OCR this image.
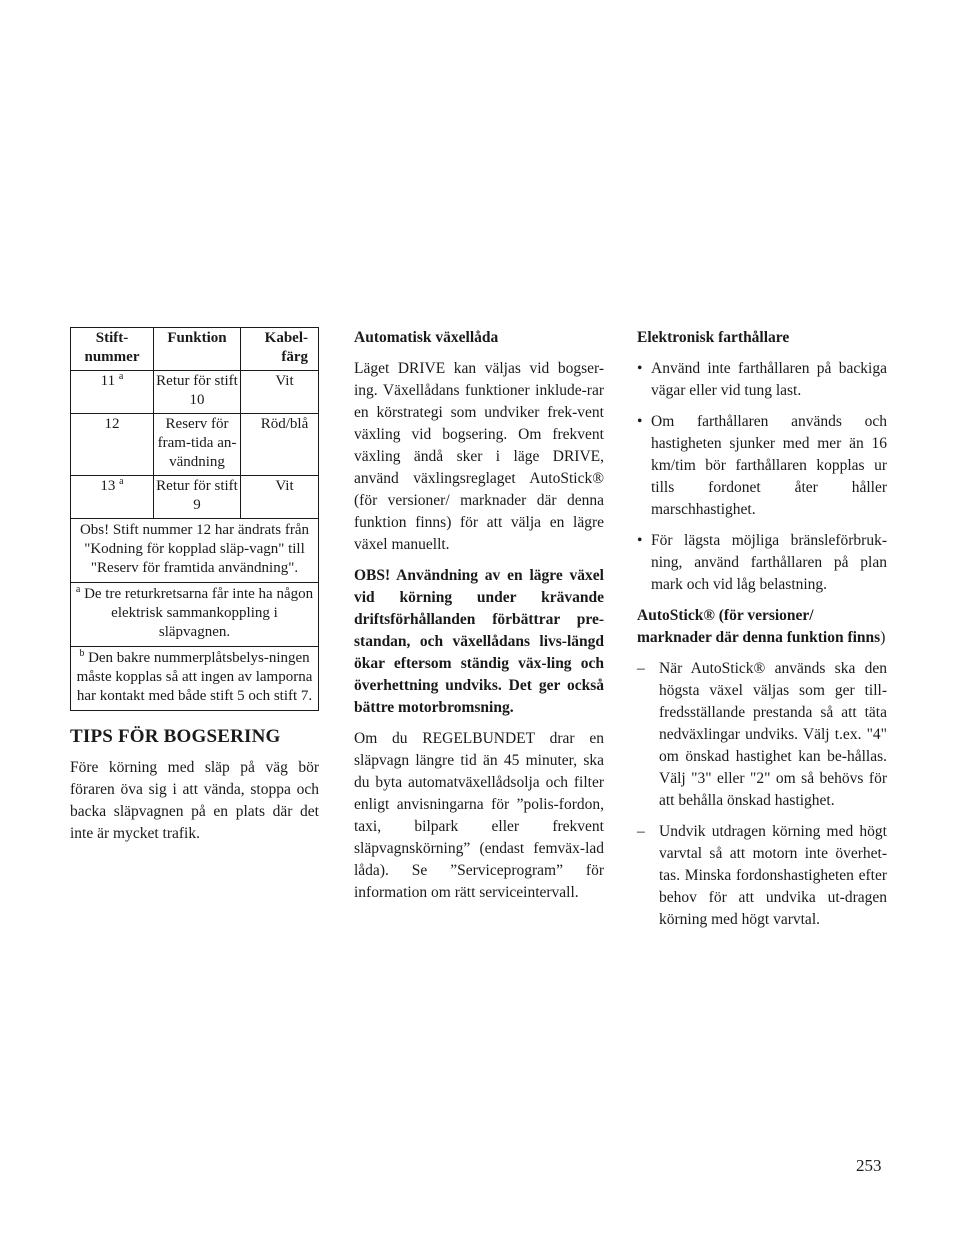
Stift-nummer	Funktion	Kabel-färg
11 $^a$	Retur för stift 10	Vit
12	Reserv för fram-tida an-vändning	Röd/blå
13 $^a$	Retur för stift 9	Vit
Obs! Stift nummer 12 har ändrats från "Kodning för kopplad släp-vagn" till "Reserv för framtida användning".		
$^a$ De tre returkretsarna får inte ha någon elektrisk sammankoppling i släpvagnen.		
$^b$ Den bakre nummerplåtsbelys-ningen måste kopplas så att ingen av lamporna har kontakt med både stift 5 och stift 7.		
TIPS FÖR BOGSERING

Före körning med släp på väg bör föraren öva sig i att vända, stoppa och backa släpvagnen på en plats där det inte är mycket trafik.

Automatisk växellåda

Läget DRIVE kan väljas vid bogser-ing. Växellådans funktioner inklude-rar en körstrategi som undviker frek-vent växling vid bogsering. Om frekvent växling ändå sker i läge DRIVE, använd växlingsreglaget AutoStick® (för versioner/ marknader där denna funktion finns) för att välja en lägre växel manuellt.

OBS! Användning av en lägre växel vid körning under krävande driftsförhållanden förbättrar pre-standan, och växellådans livs-längd ökar eftersom ständig väx-ling och överhettning undviks. Det ger också bättre motorbromsning.

Om du REGELBUNDET drar en släpvagn längre tid än 45 minuter, ska du byta automatväxellådsolja och filter enligt anvisningarna för ”polis-fordon, taxi, bilpark eller frekvent släpvagnskörning” (endast femväx-lad låda). Se ”Serviceprogram” för information om rätt serviceintervall.

Elektronisk farthållare
• Använd inte farthållaren på backiga vägar eller vid tung last.
• Om farthållaren används och hastigheten sjunker med mer än 16 km/tim bör farthållaren kopplas ur tills fordonet åter håller marschhastighet.
• För lägsta möjliga bränsleförbruk-ning, använd farthållaren på plan mark och vid låg belastning.
AutoStick® (för versioner/ marknader där denna funktion finns)
– När AutoStick® används ska den högsta växel väljas som ger till-fredsställande prestanda så att täta nedväxlingar undviks. Välj t.ex. "4" om önskad hastighet kan be-hållas. Välj "3" eller "2" om så behövs för att behålla önskad hastighet.
– Undvik utdragen körning med högt varvtal så att motorn inte överhet-tas. Minska fordonshastigheten efter behov för att undvika ut-dragen körning med högt varvtal.
253
